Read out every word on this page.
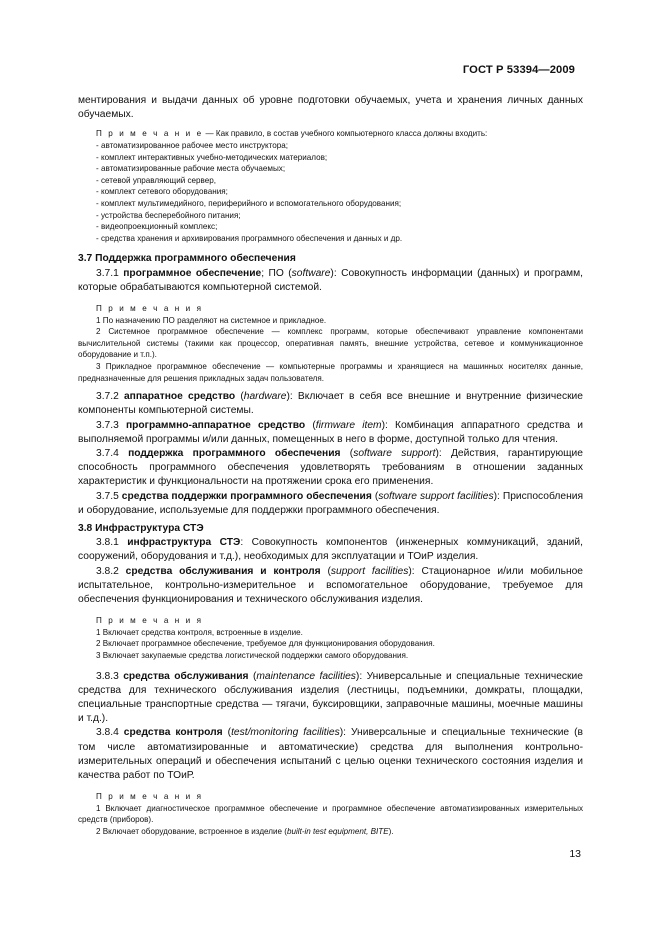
ГОСТ Р 53394—2009

ментирования и выдачи данных об уровне подготовки обучаемых, учета и хранения личных данных обучаемых.

П р и м е ч а н и е — Как правило, в состав учебного компьютерного класса должны входить:
- автоматизированное рабочее место инструктора;
- комплект интерактивных учебно-методических материалов;
- автоматизированные рабочие места обучаемых;
- сетевой управляющий сервер,
- комплект сетевого оборудования;
- комплект мультимедийного, периферийного и вспомогательного оборудования;
- устройства бесперебойного питания;
- видеопроекционный комплекс;
- средства хранения и архивирования программного обеспечения и данных и др.

3.7 Поддержка программного обеспечения

3.7.1 программное обеспечение; ПО (software): Совокупность информации (данных) и программ, которые обрабатываются компьютерной системой.

П р и м е ч а н и я
1 По назначению ПО разделяют на системное и прикладное.
2 Системное программное обеспечение — комплекс программ, которые обеспечивают управление компонентами вычислительной системы (такими как процессор, оперативная память, внешние устройства, сетевое и коммуникационное оборудование и т.п.).
3 Прикладное программное обеспечение — компьютерные программы и хранящиеся на машинных носителях данные, предназначенные для решения прикладных задач пользователя.

3.7.2 аппаратное средство (hardware): Включает в себя все внешние и внутренние физические компоненты компьютерной системы.

3.7.3 программно-аппаратное средство (firmware item): Комбинация аппаратного средства и выполняемой программы и/или данных, помещенных в него в форме, доступной только для чтения.

3.7.4 поддержка программного обеспечения (software support): Действия, гарантирующие способность программного обеспечения удовлетворять требованиям в отношении заданных характеристик и функциональности на протяжении срока его применения.

3.7.5 средства поддержки программного обеспечения (software support facilities): Приспособления и оборудование, используемые для поддержки программного обеспечения.

3.8 Инфраструктура СТЭ

3.8.1 инфраструктура СТЭ: Совокупность компонентов (инженерных коммуникаций, зданий, сооружений, оборудования и т.д.), необходимых для эксплуатации и ТОиР изделия.

3.8.2 средства обслуживания и контроля (support facilities): Стационарное и/или мобильное испытательное, контрольно-измерительное и вспомогательное оборудование, требуемое для обеспечения функционирования и технического обслуживания изделия.

П р и м е ч а н и я
1 Включает средства контроля, встроенные в изделие.
2 Включает программное обеспечение, требуемое для функционирования оборудования.
3 Включает закупаемые средства логистической поддержки самого оборудования.

3.8.3 средства обслуживания (maintenance facilities): Универсальные и специальные технические средства для технического обслуживания изделия (лестницы, подъемники, домкраты, площадки, специальные транспортные средства — тягачи, буксировщики, заправочные машины, моечные машины и т.д.).

3.8.4 средства контроля (test/monitoring facilities): Универсальные и специальные технические (в том числе автоматизированные и автоматические) средства для выполнения контрольно-измерительных операций и обеспечения испытаний с целью оценки технического состояния изделия и качества работ по ТОиР.

П р и м е ч а н и я
1 Включает диагностическое программное обеспечение и программное обеспечение автоматизированных измерительных средств (приборов).
2 Включает оборудование, встроенное в изделие (built-in test equipment, BITE).
13
